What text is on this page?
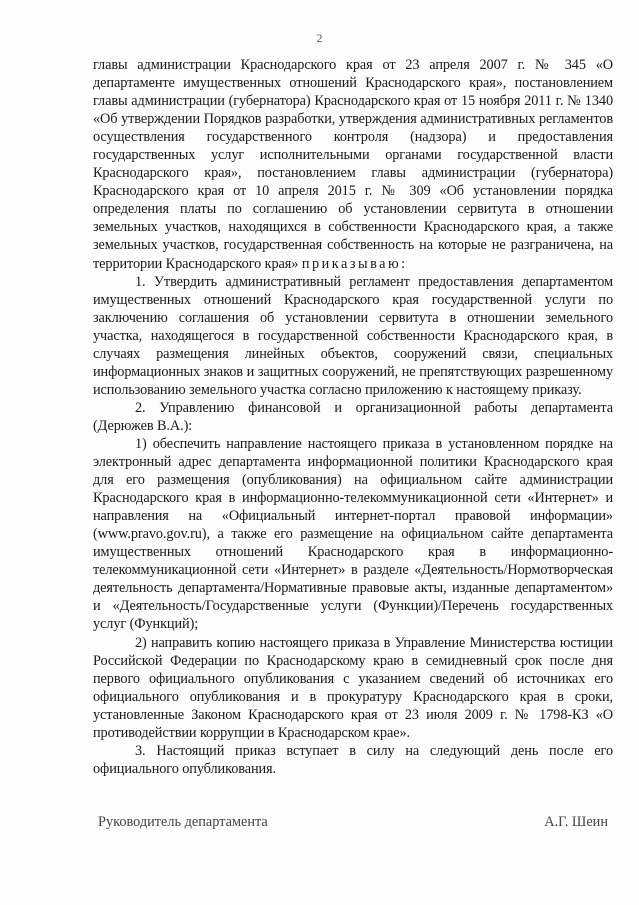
2

главы администрации Краснодарского края от 23 апреля 2007 г. № 345 «О департаменте имущественных отношений Краснодарского края», постановлением главы администрации (губернатора) Краснодарского края от 15 ноября 2011 г. № 1340 «Об утверждении Порядков разработки, утверждения административных регламентов осуществления государственного контроля (надзора) и предоставления государственных услуг исполнительными органами государственной власти Краснодарского края», постановлением главы администрации (губернатора) Краснодарского края от 10 апреля 2015 г. № 309 «Об установлении порядка определения платы по соглашению об установлении сервитута в отношении земельных участков, находящихся в собственности Краснодарского края, а также земельных участков, государственная собственность на которые не разграничена, на территории Краснодарского края» приказываю:

1. Утвердить административный регламент предоставления департаментом имущественных отношений Краснодарского края государственной услуги по заключению соглашения об установлении сервитута в отношении земельного участка, находящегося в государственной собственности Краснодарского края, в случаях размещения линейных объектов, сооружений связи, специальных информационных знаков и защитных сооружений, не препятствующих разрешенному использованию земельного участка согласно приложению к настоящему приказу.

2. Управлению финансовой и организационной работы департамента (Дерюжев В.А.):

1) обеспечить направление настоящего приказа в установленном порядке на электронный адрес департамента информационной политики Краснодарского края для его размещения (опубликования) на официальном сайте администрации Краснодарского края в информационно-телекоммуникационной сети «Интернет» и направления на «Официальный интернет-портал правовой информации» (www.pravo.gov.ru), а также его размещение на официальном сайте департамента имущественных отношений Краснодарского края в информационно-телекоммуникационной сети «Интернет» в разделе «Деятельность/Нормотворческая деятельность департамента/Нормативные правовые акты, изданные департаментом» и «Деятельность/Государственные услуги (Функции)/Перечень государственных услуг (Функций);

2) направить копию настоящего приказа в Управление Министерства юстиции Российской Федерации по Краснодарскому краю в семидневный срок после дня первого официального опубликования с указанием сведений об источниках его официального опубликования и в прокуратуру Краснодарского края в сроки, установленные Законом Краснодарского края от 23 июля 2009 г. № 1798-КЗ «О противодействии коррупции в Краснодарском крае».

3. Настоящий приказ вступает в силу на следующий день после его официального опубликования.

Руководитель департамента	А.Г. Шеин
